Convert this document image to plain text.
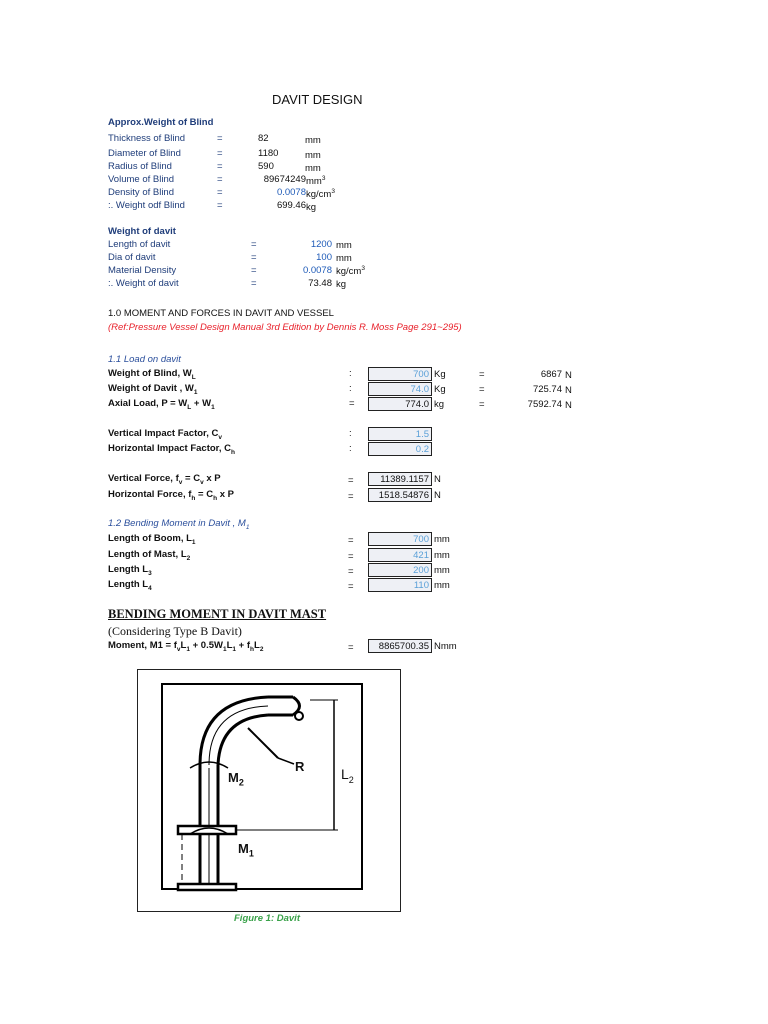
DAVIT DESIGN
Approx.Weight of Blind
Thickness of Blind	=	82	mm
Diameter of Blind	=	1180	mm
Radius of Blind	=	590	mm
Volume of Blind	=	89674249 $mm^3$
Density of Blind	=	0.0078 $kg/cm^3$
:. Weight odf Blind	=	699.46 kg
Weight of davit
Length of davit	=	1200 mm
Dia of davit	=	100 mm
Material Density	=	0.0078 $kg/cm^3$
:. Weight of davit	=	73.48 kg
1.0 MOMENT AND FORCES IN DAVIT AND VESSEL
(Ref:Pressure Vessel Design Manual 3rd Edition by Dennis R. Moss Page 291~295)
1.1 Load on davit
Weight of Blind, $W_L$	:	700 Kg	=	6867 N
Weight of Davit , $W_1$	:	74.0 Kg	=	725.74 N
Axial Load, $P = W_L + W_1$	=	774.0 kg	=	7592.74 N
Vertical Impact Factor, $C_v$	:	1.5
Horizontal Impact Factor, $C_h$	:	0.2
Vertical Force, $f_v = C_v$ x P	=	11389.1157 N
Horizontal Force, $f_h = C_h$ x P	=	1518.54876 N
1.2 Bending Moment in Davit , $M_1$
Length of Boom, $L_1$	=	700 mm
Length of Mast, $L_2$	=	421 mm
Length $L_3$	=	200 mm
Length $L_4$	=	110 mm
BENDING MOMENT IN DAVIT MAST
(Considering Type B Davit)
Moment, $M1 = f_vL_1 + 0.5W_1L_1 + f_hL_2$	=	8865700.35 Nmm
$M_2$
R	$L_2$
$M_1$
Figure 1: Davit
